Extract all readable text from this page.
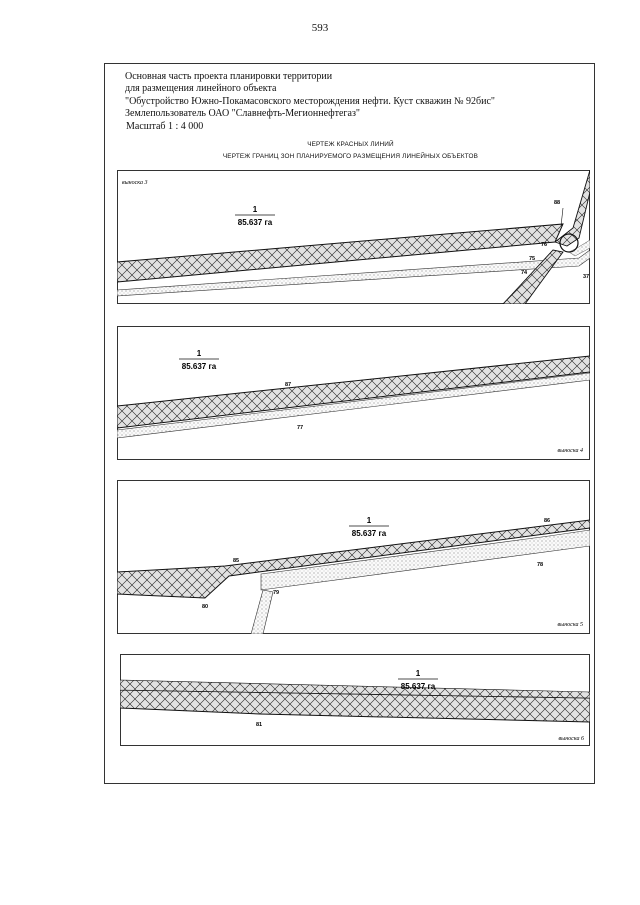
593
Основная часть проекта планировки территории
для размещения линейного объекта
"Обустройство Южно-Покамасовского месторождения нефти. Куст скважин № 92бис"
Землепользователь ОАО "Славнефть-Мегионнефтегаз"
Масштаб 1 : 4 000
ЧЕРТЕЖ КРАСНЫХ ЛИНИЙ
ЧЕРТЕЖ ГРАНИЦ ЗОН ПЛАНИРУЕМОГО РАЗМЕЩЕНИЯ ЛИНЕЙНЫХ ОБЪЕКТОВ
1
85.637 га
выноска 3
88
76
75
74
37
1
85.637 га
87
77
выноска 4
1
85.637 га
85
80
79
86
78
выноска 5
1
85.637 га
81
выноска 6
